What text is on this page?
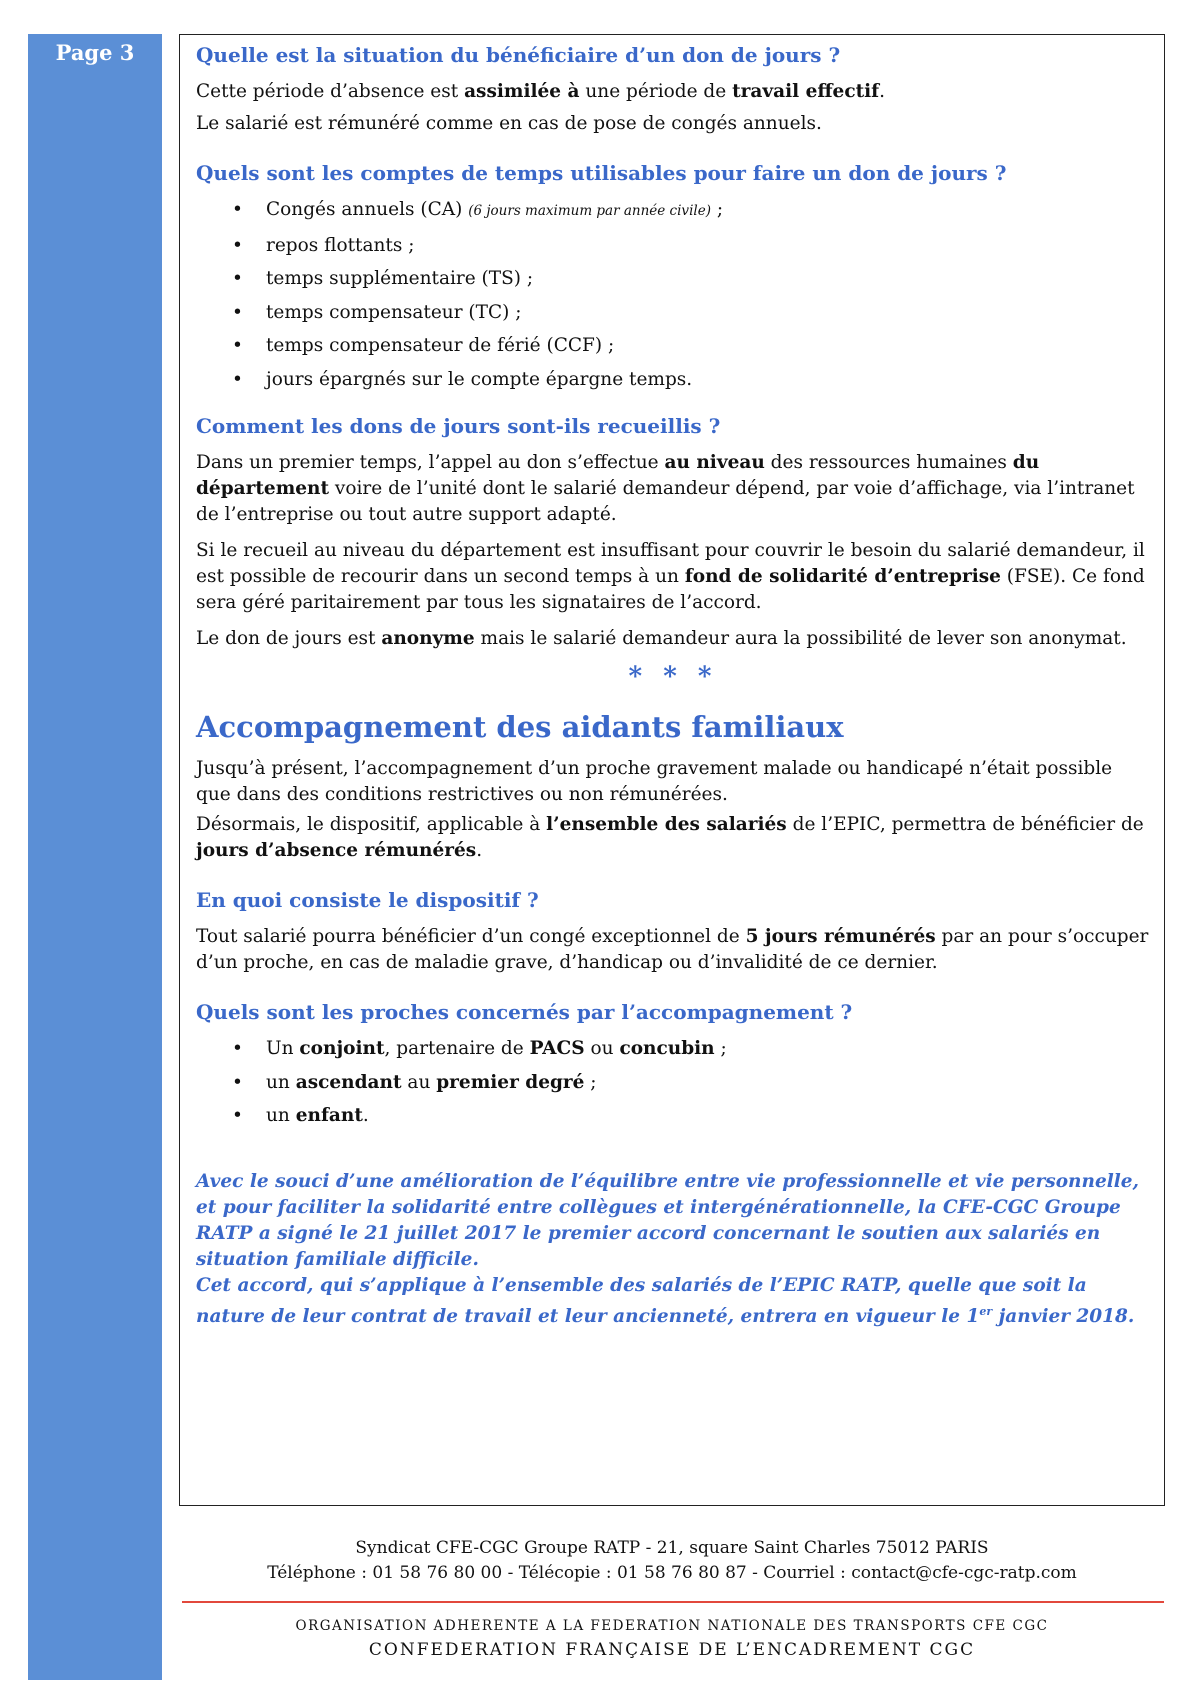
Page 3	Quelle est la situation du bénéficiaire d’un don de jours ?

Cette période d’absence est assimilée à une période de travail effectif.

Le salarié est rémunéré comme en cas de pose de congés annuels.

Quels sont les comptes de temps utilisables pour faire un don de jours ?
• Congés annuels (CA) (6 jours maximum par année civile) ;
• repos flottants ;
• temps supplémentaire (TS) ;
• temps compensateur (TC) ;
• temps compensateur de férié (CCF) ;
• jours épargnés sur le compte épargne temps.
Comment les dons de jours sont-ils recueillis ?

Dans un premier temps, l’appel au don s’effectue au niveau des ressources humaines du département voire de l’unité dont le salarié demandeur dépend, par voie d’affichage, via l’intranet de l’entreprise ou tout autre support adapté.

Si le recueil au niveau du département est insuffisant pour couvrir le besoin du salarié demandeur, il est possible de recourir dans un second temps à un fond de solidarité d’entreprise (FSE). Ce fond sera géré paritairement par tous les signataires de l’accord.

Le don de jours est anonyme mais le salarié demandeur aura la possibilité de lever son anonymat.

* * *
Accompagnement des aidants familiaux

Jusqu’à présent, l’accompagnement d’un proche gravement malade ou handicapé n’était possible que dans des conditions restrictives ou non rémunérées.

Désormais, le dispositif, applicable à l’ensemble des salariés de l’EPIC, permettra de bénéficier de jours d’absence rémunérés.

En quoi consiste le dispositif ?

Tout salarié pourra bénéficier d’un congé exceptionnel de 5 jours rémunérés par an pour s’occuper d’un proche, en cas de maladie grave, d’handicap ou d’invalidité de ce dernier.

Quels sont les proches concernés par l’accompagnement ?
• Un conjoint, partenaire de PACS ou concubin ;
• un ascendant au premier degré ;
• un enfant.

Avec le souci d’une amélioration de l’équilibre entre vie professionnelle et vie personnelle, et pour faciliter la solidarité entre collègues et intergénérationnelle, la CFE-CGC Groupe RATP a signé le 21 juillet 2017 le premier accord concernant le soutien aux salariés en situation familiale difficile.

Cet accord, qui s’applique à l’ensemble des salariés de l’EPIC RATP, quelle que soit la nature de leur contrat de travail et leur ancienneté, entrera en vigueur le 1er janvier 2018.

Syndicat CFE-CGC Groupe RATP - 21, square Saint Charles 75012 PARIS
Téléphone : 01 58 76 80 00 - Télécopie : 01 58 76 80 87 - Courriel : contact@cfe-cgc-ratp.com
ORGANISATION ADHERENTE A LA FEDERATION NATIONALE DES TRANSPORTS CFE CGC
CONFEDERATION FRANÇAISE DE L’ENCADREMENT CGC
